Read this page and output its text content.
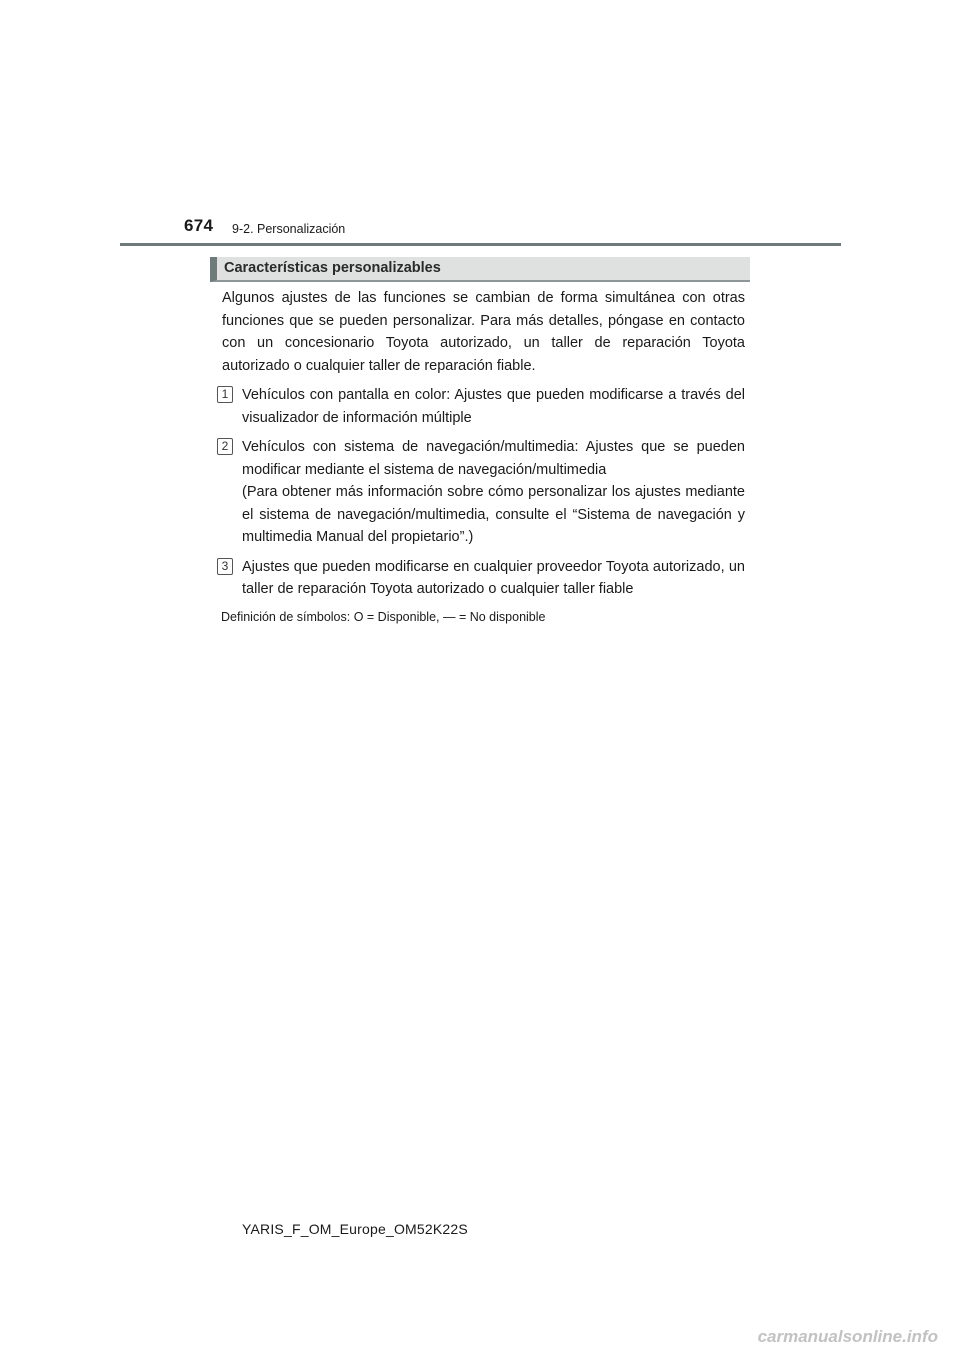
674 9-2. Personalización
Características personalizables

Algunos ajustes de las funciones se cambian de forma simultánea con otras funciones que se pueden personalizar. Para más detalles, póngase en contacto con un concesionario Toyota autorizado, un taller de reparación Toyota autorizado o cualquier taller de reparación fiable.

1 Vehículos con pantalla en color: Ajustes que pueden modificarse a través del visualizador de información múltiple

2 Vehículos con sistema de navegación/multimedia: Ajustes que se pueden modificar mediante el sistema de navegación/multimedia

(Para obtener más información sobre cómo personalizar los ajustes mediante el sistema de navegación/multimedia, consulte el “Sistema de navegación y multimedia Manual del propietario”.)

3 Ajustes que pueden modificarse en cualquier proveedor Toyota autorizado, un taller de reparación Toyota autorizado o cualquier taller fiable

Definición de símbolos: O = Disponible, — = No disponible
YARIS_F_OM_Europe_OM52K22S
carmanualsonline.info
